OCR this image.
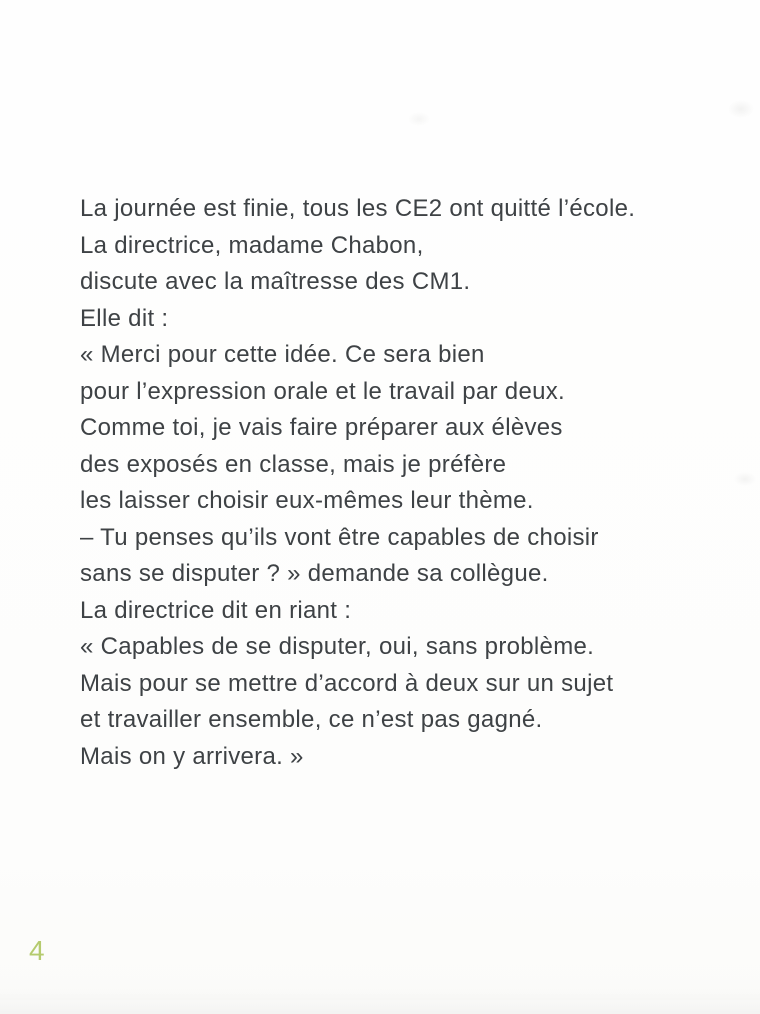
La journée est finie, tous les CE2 ont quitté l’école.
La directrice, madame Chabon,
discute avec la maîtresse des CM1.
Elle dit :
« Merci pour cette idée. Ce sera bien
pour l’expression orale et le travail par deux.
Comme toi, je vais faire préparer aux élèves
des exposés en classe, mais je préfère
les laisser choisir eux-mêmes leur thème.
– Tu penses qu’ils vont être capables de choisir
sans se disputer ? » demande sa collègue.
La directrice dit en riant :
« Capables de se disputer, oui, sans problème.
Mais pour se mettre d’accord à deux sur un sujet
et travailler ensemble, ce n’est pas gagné.
Mais on y arrivera. »
4
